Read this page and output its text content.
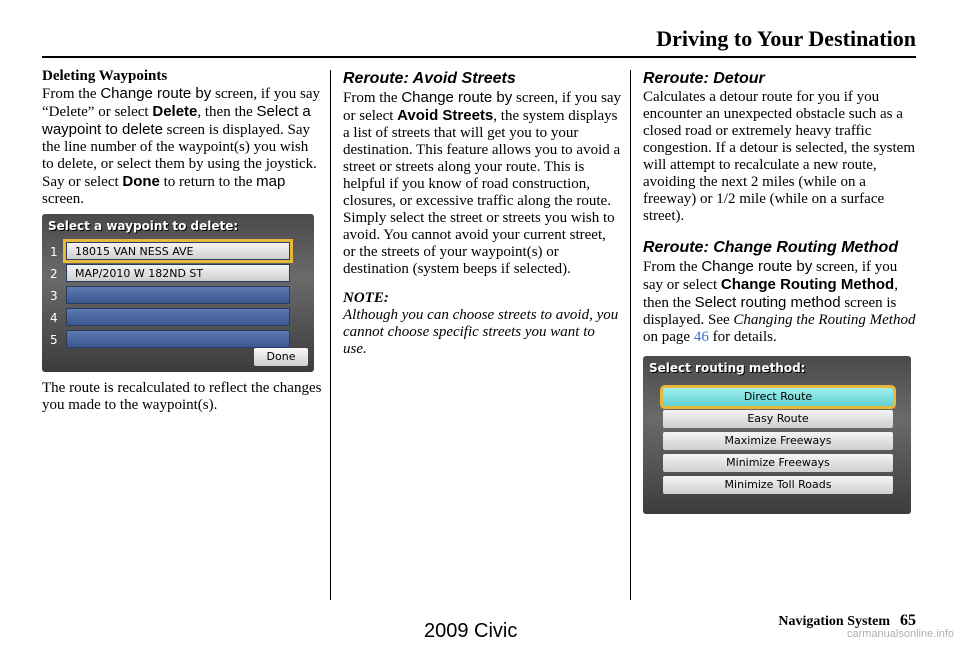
Driving to Your Destination

Deleting Waypoints

From the Change route by screen, if you say “Delete” or select Delete, then the Select a waypoint to delete screen is displayed. Say the line number of the waypoint(s) you wish to delete, or select them by using the joystick. Say or select Done to return to the map screen.

Select a waypoint to delete:
1	18015 VAN NESS AVE
2	MAP/2010 W 182ND ST
3
4
5
Done

The route is recalculated to reflect the changes you made to the waypoint(s).

Reroute: Avoid Streets

From the Change route by screen, if you say or select Avoid Streets, the system displays a list of streets that will get you to your destination. This feature allows you to avoid a street or streets along your route. This is helpful if you know of road construction, closures, or excessive traffic along the route. Simply select the street or streets you wish to avoid. You cannot avoid your current street, or the streets of your waypoint(s) or destination (system beeps if selected).

NOTE:

Although you can choose streets to avoid, you cannot choose specific streets you want to use.

Reroute: Detour

Calculates a detour route for you if you encounter an unexpected obstacle such as a closed road or extremely heavy traffic congestion. If a detour is selected, the system will attempt to recalculate a new route, avoiding the next 2 miles (while on a freeway) or 1/2 mile (while on a surface street).

Reroute: Change Routing Method

From the Change route by screen, if you say or select Change Routing Method, then the Select routing method screen is displayed. See Changing the Routing Method on page 46 for details.

Select routing method:
Direct Route
Easy Route
Maximize Freeways
Minimize Freeways
Minimize Toll Roads
Navigation System 65
2009 Civic	carmanualsonline.info
